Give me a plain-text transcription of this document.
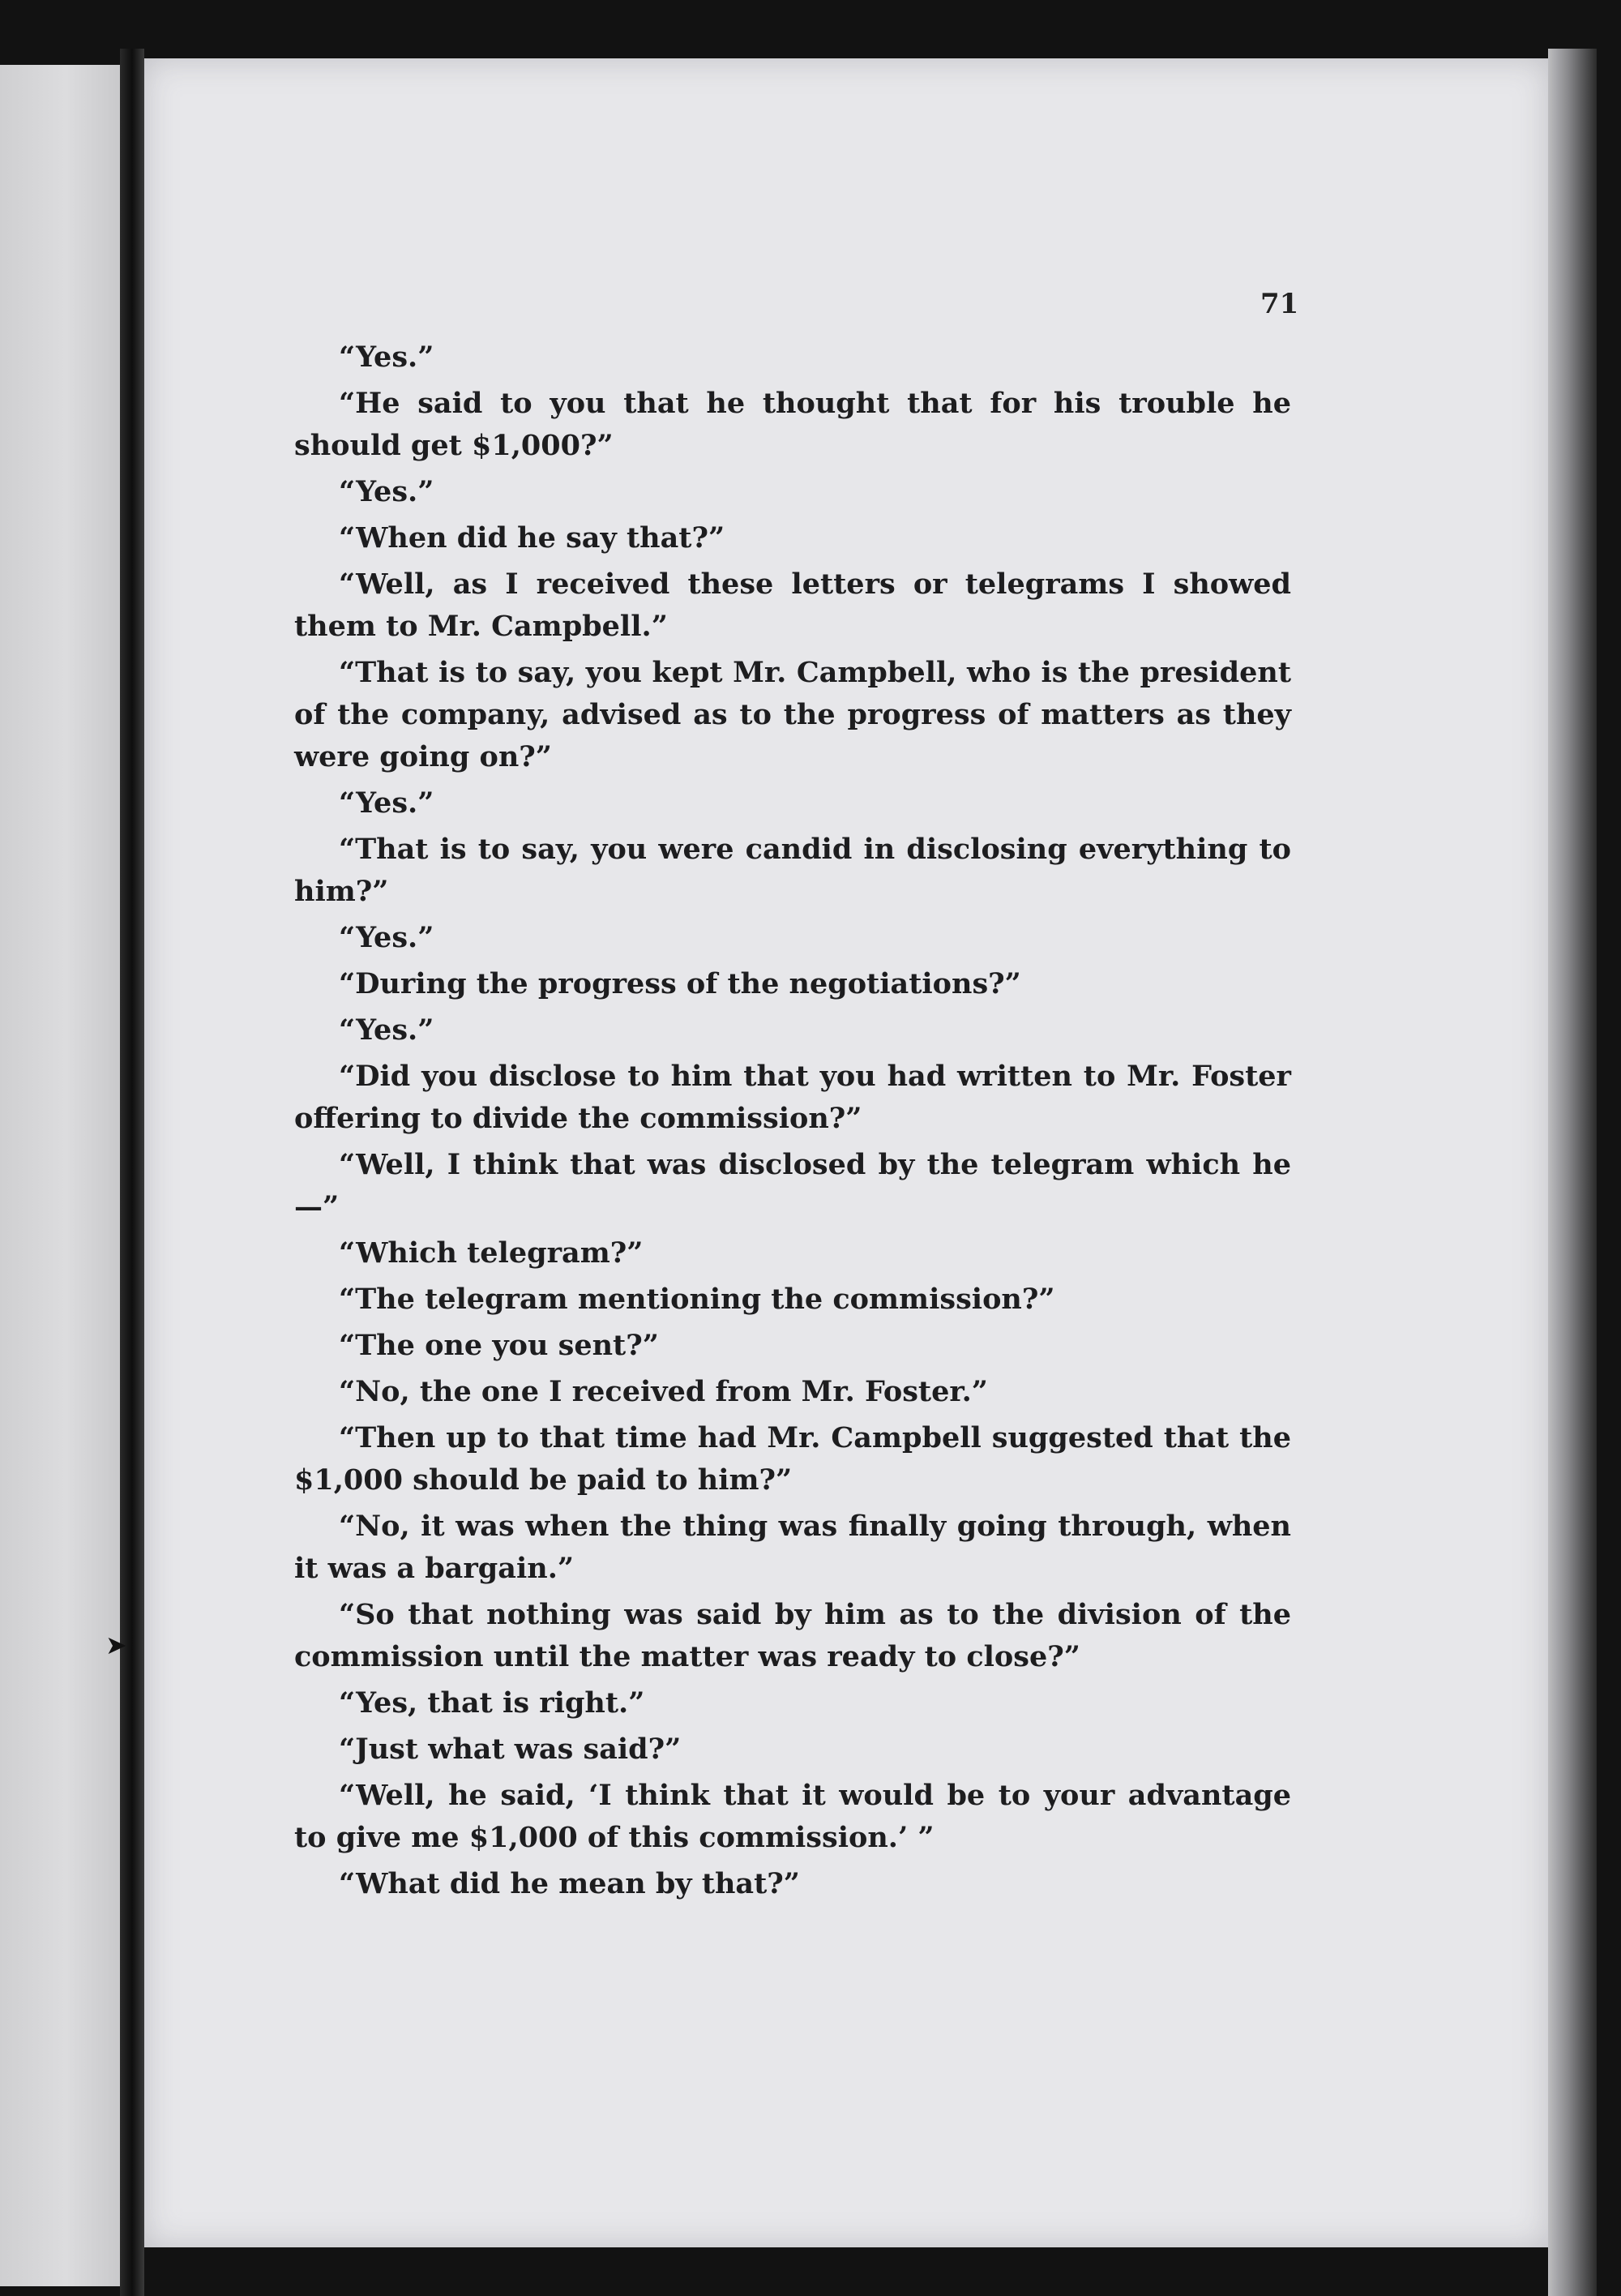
71

“Yes.”

“He said to you that he thought that for his trouble he should get $1,000?”

“Yes.”

“When did he say that?”

“Well, as I received these letters or telegrams I showed them to Mr. Campbell.”

“That is to say, you kept Mr. Campbell, who is the president of the company, advised as to the progress of matters as they were going on?”

“Yes.”

“That is to say, you were candid in disclosing everything to him?”

“Yes.”

“During the progress of the negotiations?”

“Yes.”

“Did you disclose to him that you had written to Mr. Foster offering to divide the commission?”

“Well, I think that was disclosed by the telegram which he—”

“Which telegram?”

“The telegram mentioning the commission?”

“The one you sent?”

“No, the one I received from Mr. Foster.”

“Then up to that time had Mr. Campbell suggested that the $1,000 should be paid to him?”

“No, it was when the thing was finally going through, when it was a bargain.”

“So that nothing was said by him as to the division of the commission until the matter was ready to close?”

“Yes, that is right.”

“Just what was said?”

“Well, he said, ‘I think that it would be to your advantage to give me $1,000 of this commission.’ ”

“What did he mean by that?”

➤
